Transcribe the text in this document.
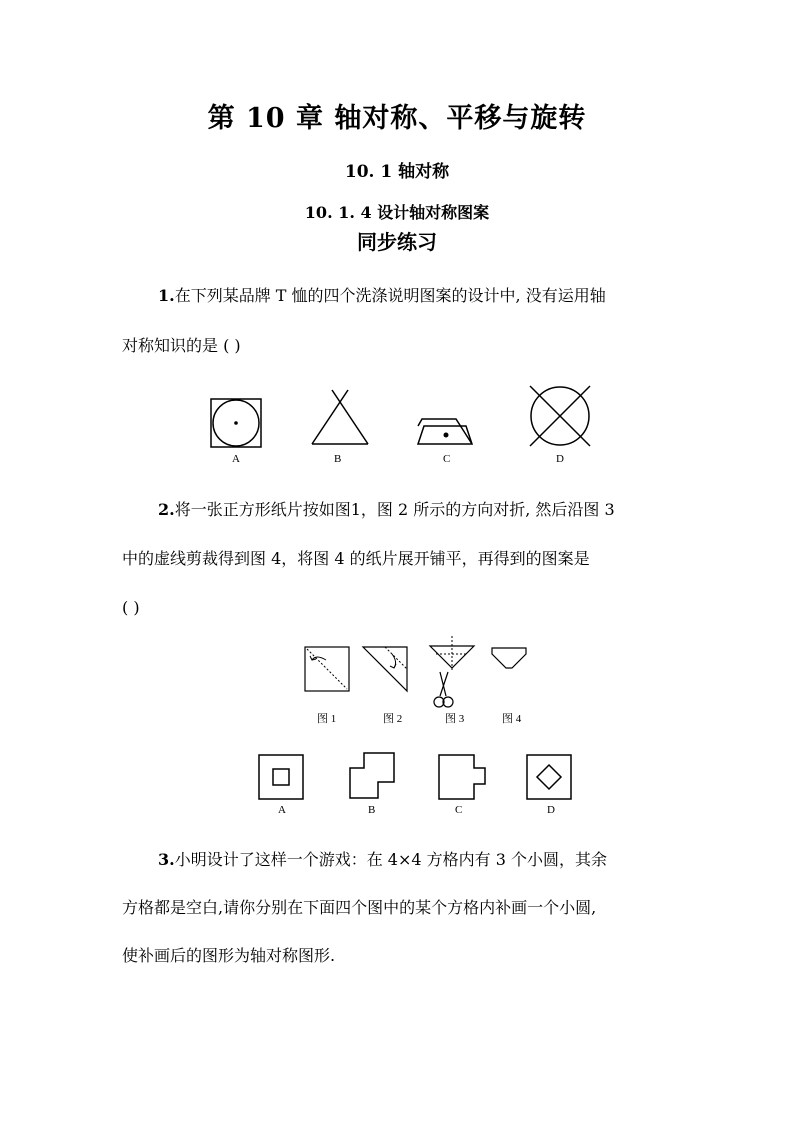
第 10 章 轴对称、平移与旋转
10. 1 轴对称
10. 1. 4 设计轴对称图案
同步练习
1.在下列某品牌 T 恤的四个洗涤说明图案的设计中, 没有运用轴
对称知识的是 ( )
A	B	C	D
2.将一张正方形纸片按如图1，图 2 所示的方向对折, 然后沿图 3
中的虚线剪裁得到图 4，将图 4 的纸片展开铺平，再得到的图案是
( )
图 1	图 2	图 3	图 4
A	B	C	D
3.小明设计了这样一个游戏：在 4×4 方格内有 3 个小圆，其余
方格都是空白,请你分别在下面四个图中的某个方格内补画一个小圆,
使补画后的图形为轴对称图形.
